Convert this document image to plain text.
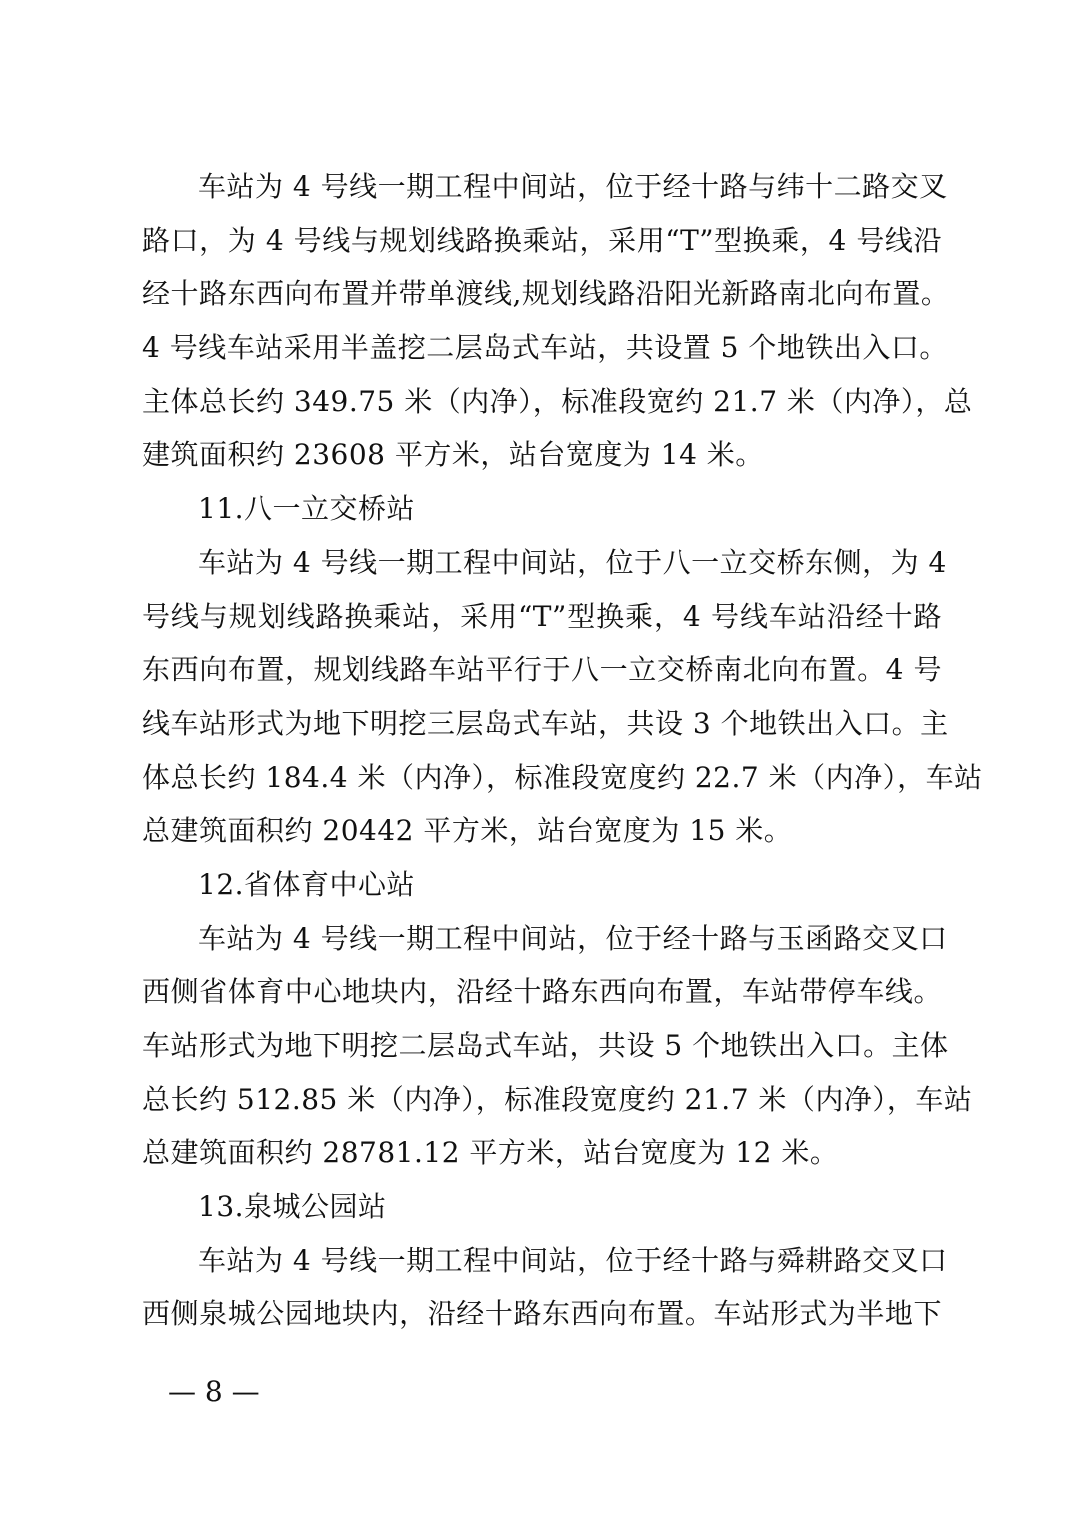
车站为 4 号线一期工程中间站，位于经十路与纬十二路交叉
路口，为 4 号线与规划线路换乘站，采用“T”型换乘，4 号线沿
经十路东西向布置并带单渡线,规划线路沿阳光新路南北向布置。
4 号线车站采用半盖挖二层岛式车站，共设置 5 个地铁出入口。
主体总长约 349.75 米（内净），标准段宽约 21.7 米（内净），总
建筑面积约 23608 平方米，站台宽度为 14 米。
11.八一立交桥站
车站为 4 号线一期工程中间站，位于八一立交桥东侧，为 4
号线与规划线路换乘站，采用“T”型换乘，4 号线车站沿经十路
东西向布置，规划线路车站平行于八一立交桥南北向布置。4 号
线车站形式为地下明挖三层岛式车站，共设 3 个地铁出入口。主
体总长约 184.4 米（内净），标准段宽度约 22.7 米（内净），车站
总建筑面积约 20442 平方米，站台宽度为 15 米。
12.省体育中心站
车站为 4 号线一期工程中间站，位于经十路与玉函路交叉口
西侧省体育中心地块内，沿经十路东西向布置，车站带停车线。
车站形式为地下明挖二层岛式车站，共设 5 个地铁出入口。主体
总长约 512.85 米（内净），标准段宽度约 21.7 米（内净），车站
总建筑面积约 28781.12 平方米，站台宽度为 12 米。
13.泉城公园站
车站为 4 号线一期工程中间站，位于经十路与舜耕路交叉口
西侧泉城公园地块内，沿经十路东西向布置。车站形式为半地下
— 8 —
